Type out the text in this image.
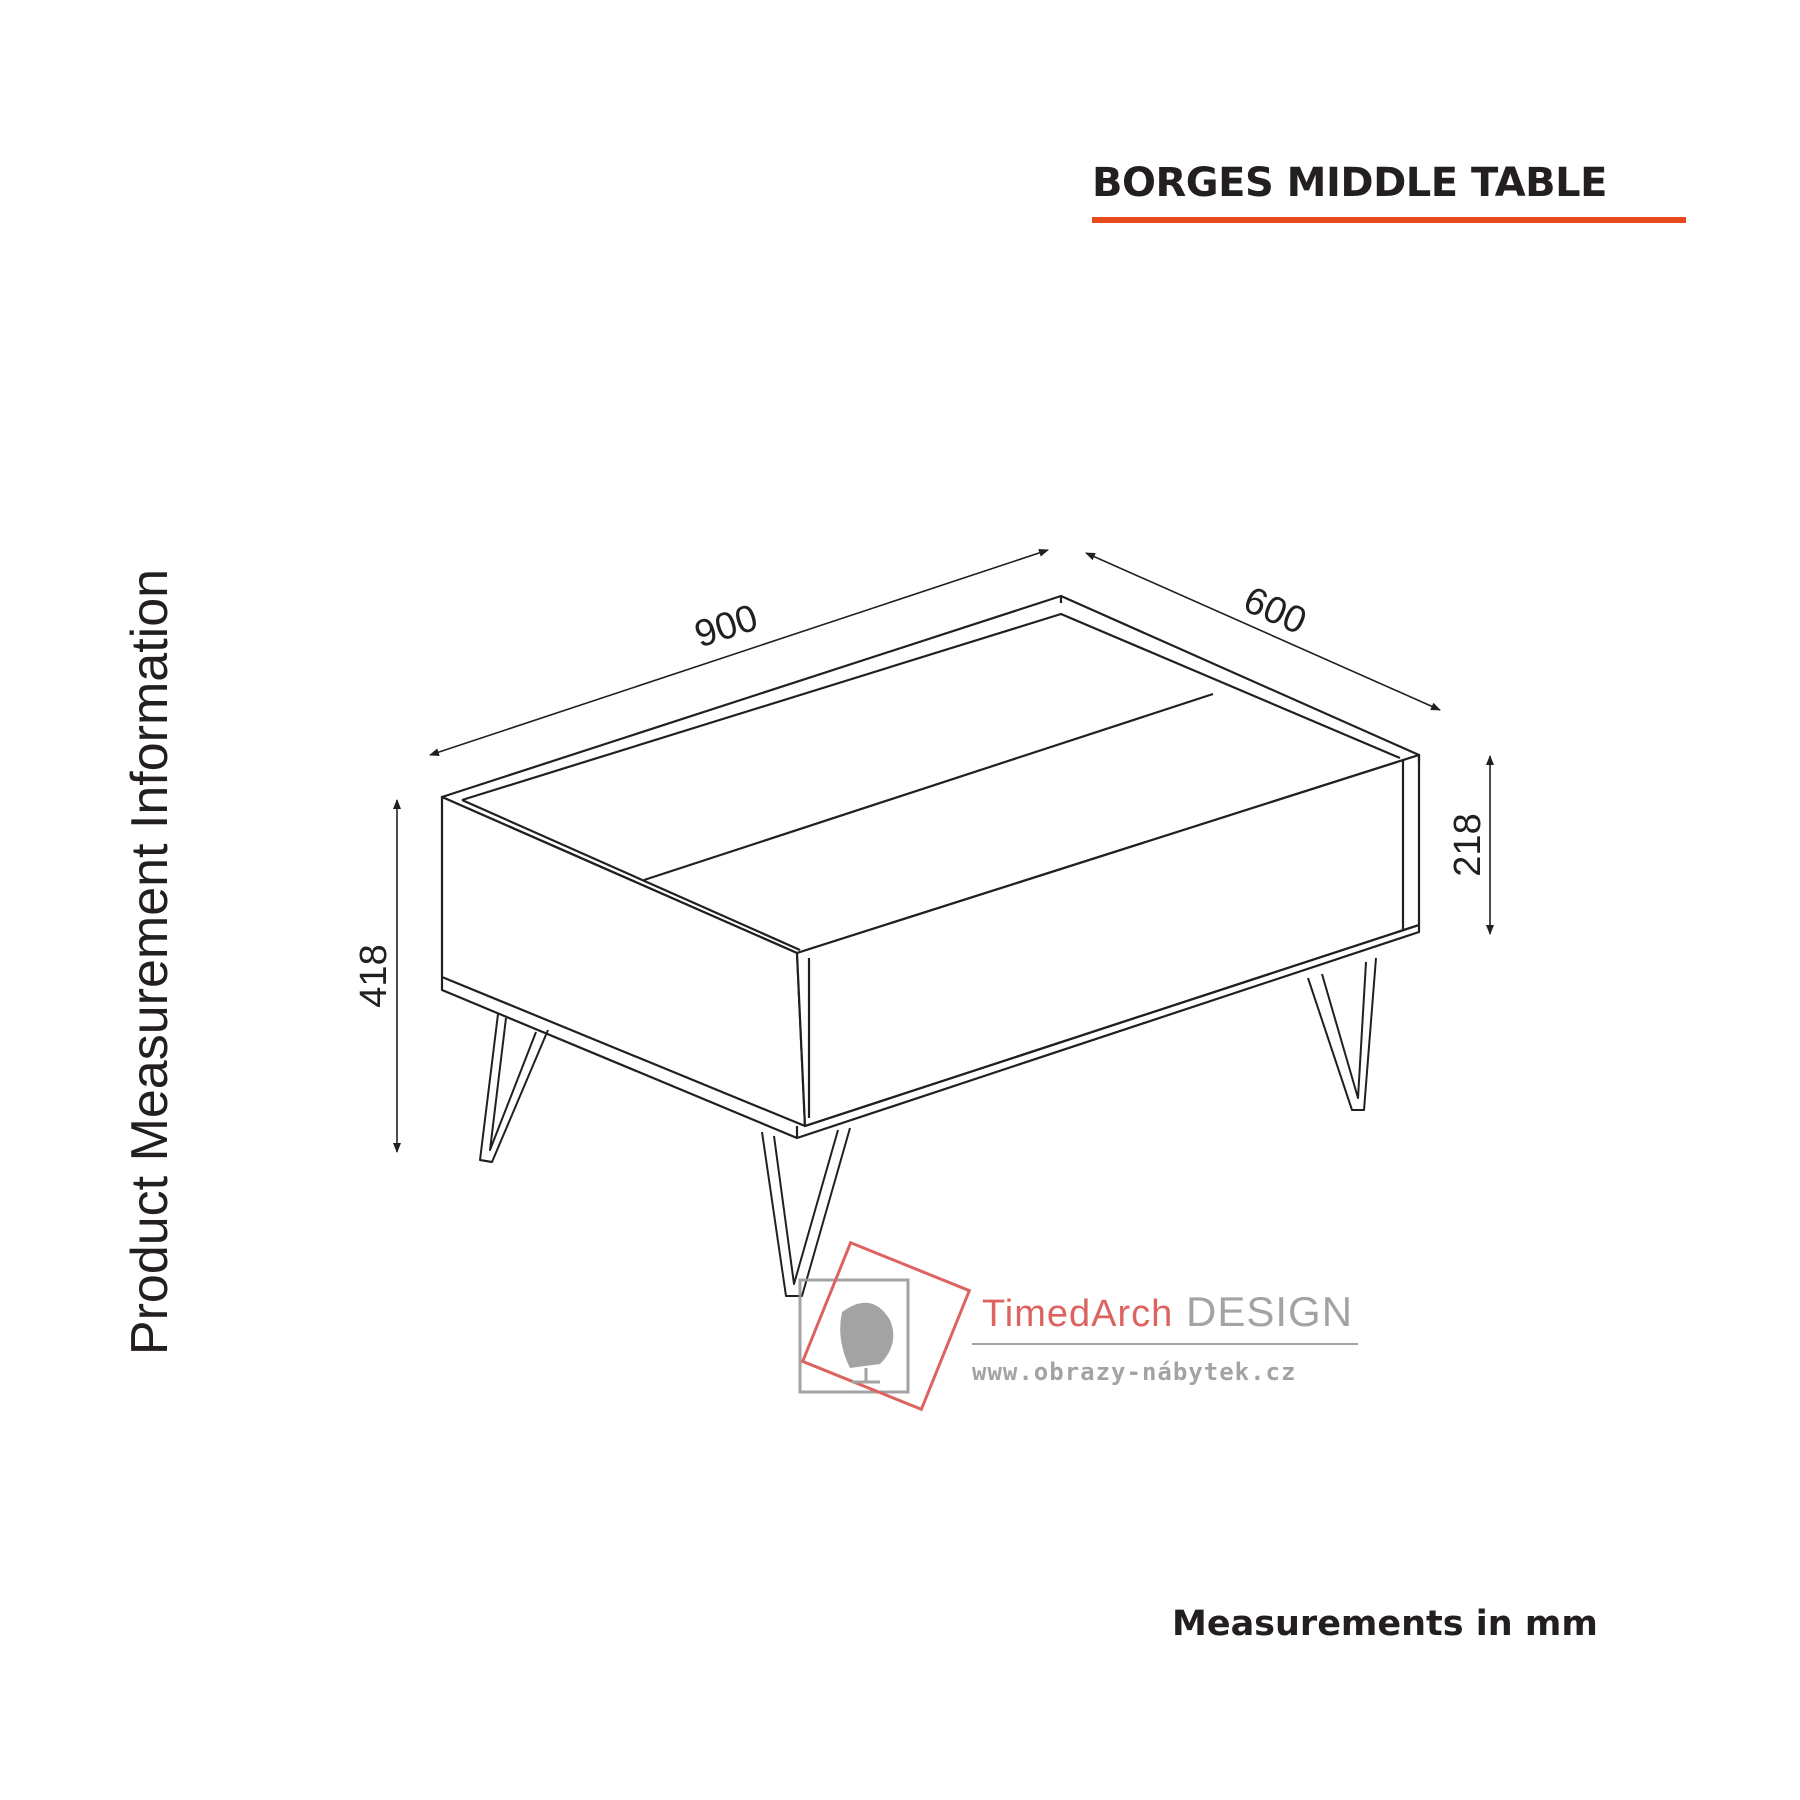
BORGES MIDDLE TABLE
Product Measurement Information	900	600
418
218
TimedArch DESIGN
www.obrazy-nábytek.cz
Measurements in mm
